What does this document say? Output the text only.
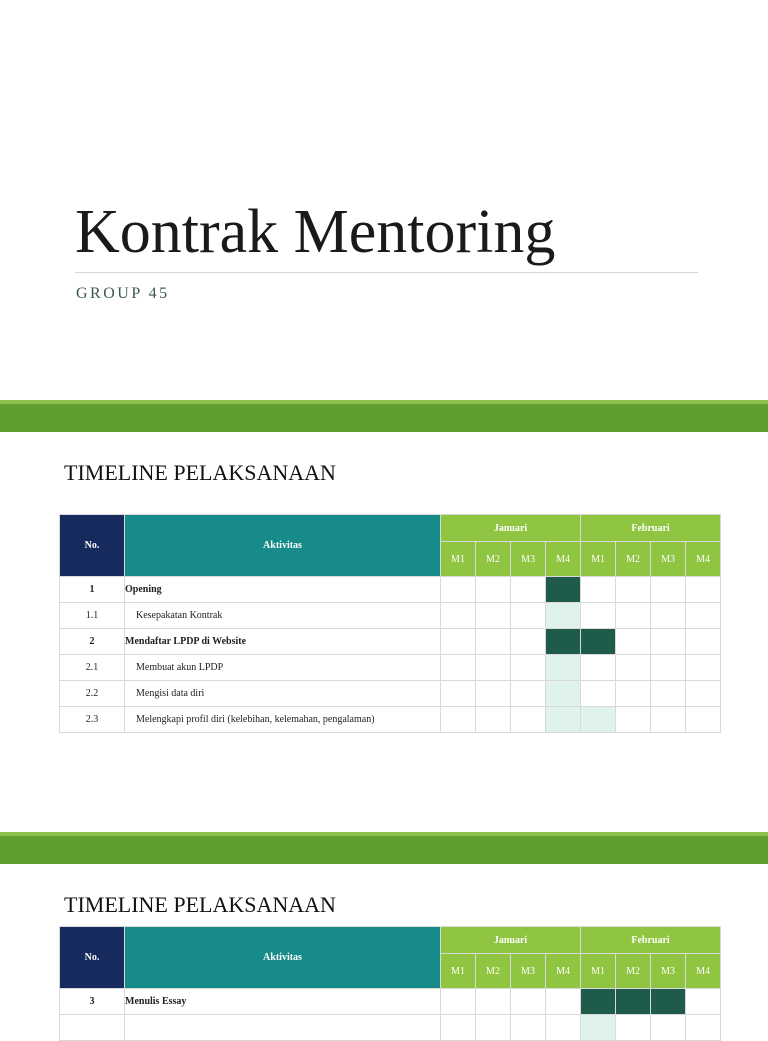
Kontrak Mentoring
GROUP 45
TIMELINE PELAKSANAAN
No.	Aktivitas	Januari				Februari			
		M1	M2	M3	M4	M1	M2	M3	M4
1	Opening								
1.1	Kesepakatan Kontrak								
2	Mendaftar LPDP di Website								
2.1	Membuat akun LPDP								
2.2	Mengisi data diri								
2.3	Melengkapi profil diri (kelebihan, kelemahan, pengalaman)								
TIMELINE PELAKSANAAN
No.	Aktivitas	Januari				Februari			
		M1	M2	M3	M4	M1	M2	M3	M4
3	Menulis Essay								
